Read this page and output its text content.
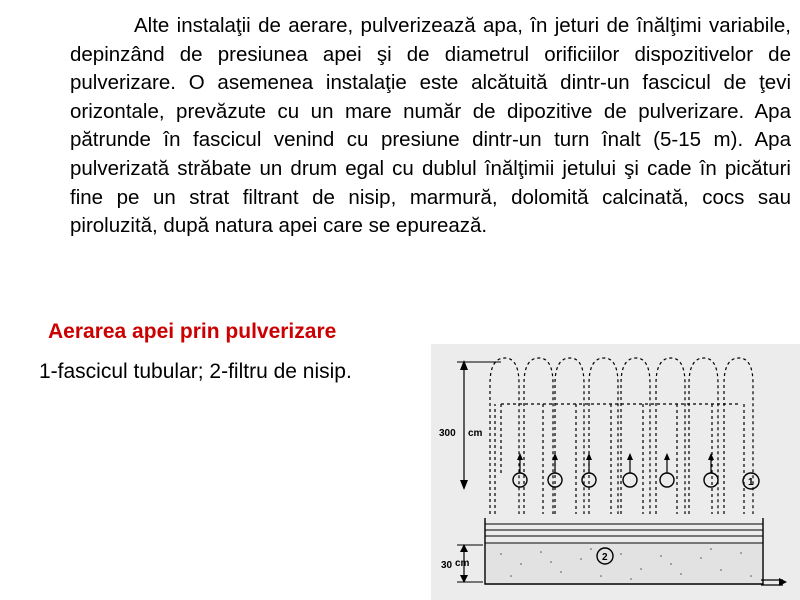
Alte instalaţii de aerare, pulverizează apa, în jeturi de înălţimi variabile, depinzând de presiunea apei şi de diametrul orificiilor dispozitivelor de pulverizare. O asemenea instalaţie este alcătuită dintr-un fascicul de ţevi orizontale, prevăzute cu un mare număr de dipozitive de pulverizare. Apa pătrunde în fascicul venind cu presiune dintr-un turn înalt (5-15 m). Apa pulverizată străbate un drum egal cu dublul înălţimii jetului şi cade în picături fine pe un strat filtrant de nisip, marmură, dolomită calcinată, cocs sau piroluzită, după natura apei care se epurează.

Aerarea apei prin pulverizare

1-fascicul tubular; 2-filtru de nisip.

300 cm
30 cm
1
2
